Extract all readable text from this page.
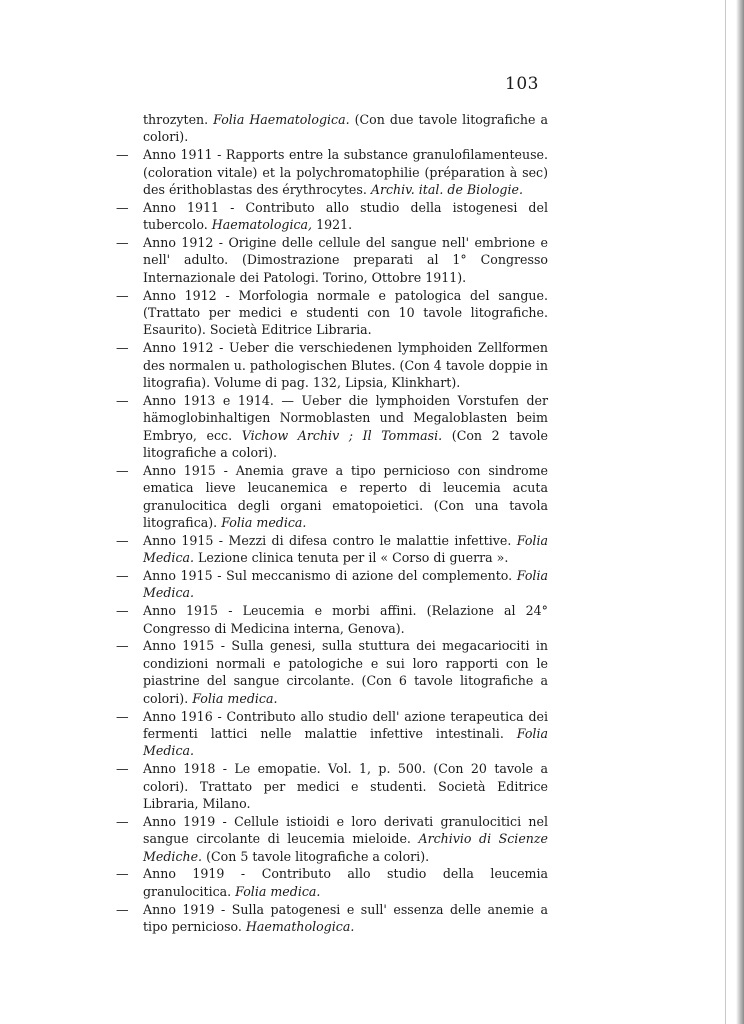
103

throzyten. Folia Haematologica. (Con due tavole litografiche a colori).

— Anno 1911 - Rapports entre la substance granulofilamenteuse. (coloration vitale) et la polychromatophilie (préparation à sec) des érithoblastas des érythrocytes. Archiv. ital. de Biologie.

— Anno 1911 - Contributo allo studio della istogenesi del tubercolo. Haematologica, 1921.

— Anno 1912 - Origine delle cellule del sangue nell' embrione e nell' adulto. (Dimostrazione preparati al 1° Congresso Internazionale dei Patologi. Torino, Ottobre 1911).

— Anno 1912 - Morfologia normale e patologica del sangue. (Trattato per medici e studenti con 10 tavole litografiche. Esaurito). Società Editrice Libraria.

— Anno 1912 - Ueber die verschiedenen lymphoiden Zellformen des normalen u. pathologischen Blutes. (Con 4 tavole doppie in litografia). Volume di pag. 132, Lipsia, Klinkhart).

— Anno 1913 e 1914. — Ueber die lymphoiden Vorstufen der hämoglobinhaltigen Normoblasten und Megaloblasten beim Embryo, ecc. Vichow Archiv ; Il Tommasi. (Con 2 tavole litografiche a colori).

— Anno 1915 - Anemia grave a tipo pernicioso con sindrome ematica lieve leucanemica e reperto di leucemia acuta granulocitica degli organi ematopoietici. (Con una tavola litografica). Folia medica.

— Anno 1915 - Mezzi di difesa contro le malattie infettive. Folia Medica. Lezione clinica tenuta per il « Corso di guerra ».

— Anno 1915 - Sul meccanismo di azione del complemento. Folia Medica.

— Anno 1915 - Leucemia e morbi affini. (Relazione al 24° Congresso di Medicina interna, Genova).

— Anno 1915 - Sulla genesi, sulla stuttura dei megacariociti in condizioni normali e patologiche e sui loro rapporti con le piastrine del sangue circolante. (Con 6 tavole litografiche a colori). Folia medica.

— Anno 1916 - Contributo allo studio dell' azione terapeutica dei fermenti lattici nelle malattie infettive intestinali. Folia Medica.

— Anno 1918 - Le emopatie. Vol. 1, p. 500. (Con 20 tavole a colori). Trattato per medici e studenti. Società Editrice Libraria, Milano.

— Anno 1919 - Cellule istioidi e loro derivati granulocitici nel sangue circolante di leucemia mieloide. Archivio di Scienze Mediche. (Con 5 tavole litografiche a colori).

— Anno 1919 - Contributo allo studio della leucemia granulocitica. Folia medica.

— Anno 1919 - Sulla patogenesi e sull' essenza delle anemie a tipo pernicioso. Haemathologica.
